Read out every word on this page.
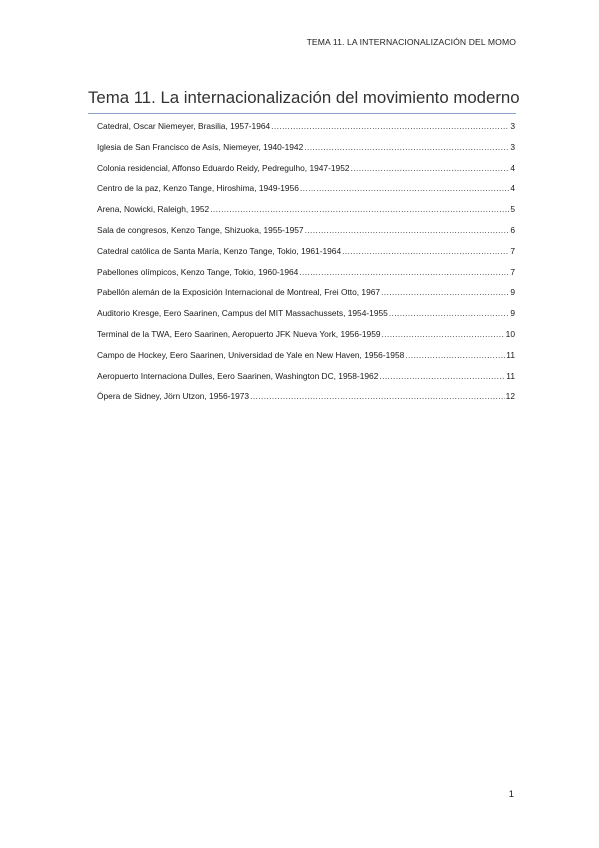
TEMA 11. LA INTERNACIONALIZACIÓN DEL MOMO
Tema 11. La internacionalización del movimiento moderno
Catedral, Oscar Niemeyer, Brasilia, 1957-1964 .....	3
Iglesia de San Francisco de Asís, Niemeyer, 1940-1942 .....	3
Colonia residencial, Affonso Eduardo Reidy, Pedregulho, 1947-1952 .....	4
Centro de la paz, Kenzo Tange, Hiroshima, 1949-1956 .....	4
Arena, Nowicki, Raleigh, 1952 .....	5
Sala de congresos, Kenzo Tange, Shizuoka, 1955-1957 .....	6
Catedral católica de Santa María, Kenzo Tange, Tokio, 1961-1964 .....	7
Pabellones olímpicos, Kenzo Tange, Tokio, 1960-1964 .....	7
Pabellón alemán de la Exposición Internacional de Montreal, Frei Otto, 1967 .....	9
Auditorio Kresge, Eero Saarinen, Campus del MIT Massachussets, 1954-1955 .....	9
Terminal de la TWA, Eero Saarinen, Aeropuerto JFK Nueva York, 1956-1959 .....	10
Campo de Hockey, Eero Saarinen, Universidad de Yale en New Haven, 1956-1958 .....	11
Aeropuerto Internaciona Dulles, Eero Saarinen, Washington DC, 1958-1962 .....	11
Ópera de Sidney, Jörn Utzon, 1956-1973 .....	12
1
